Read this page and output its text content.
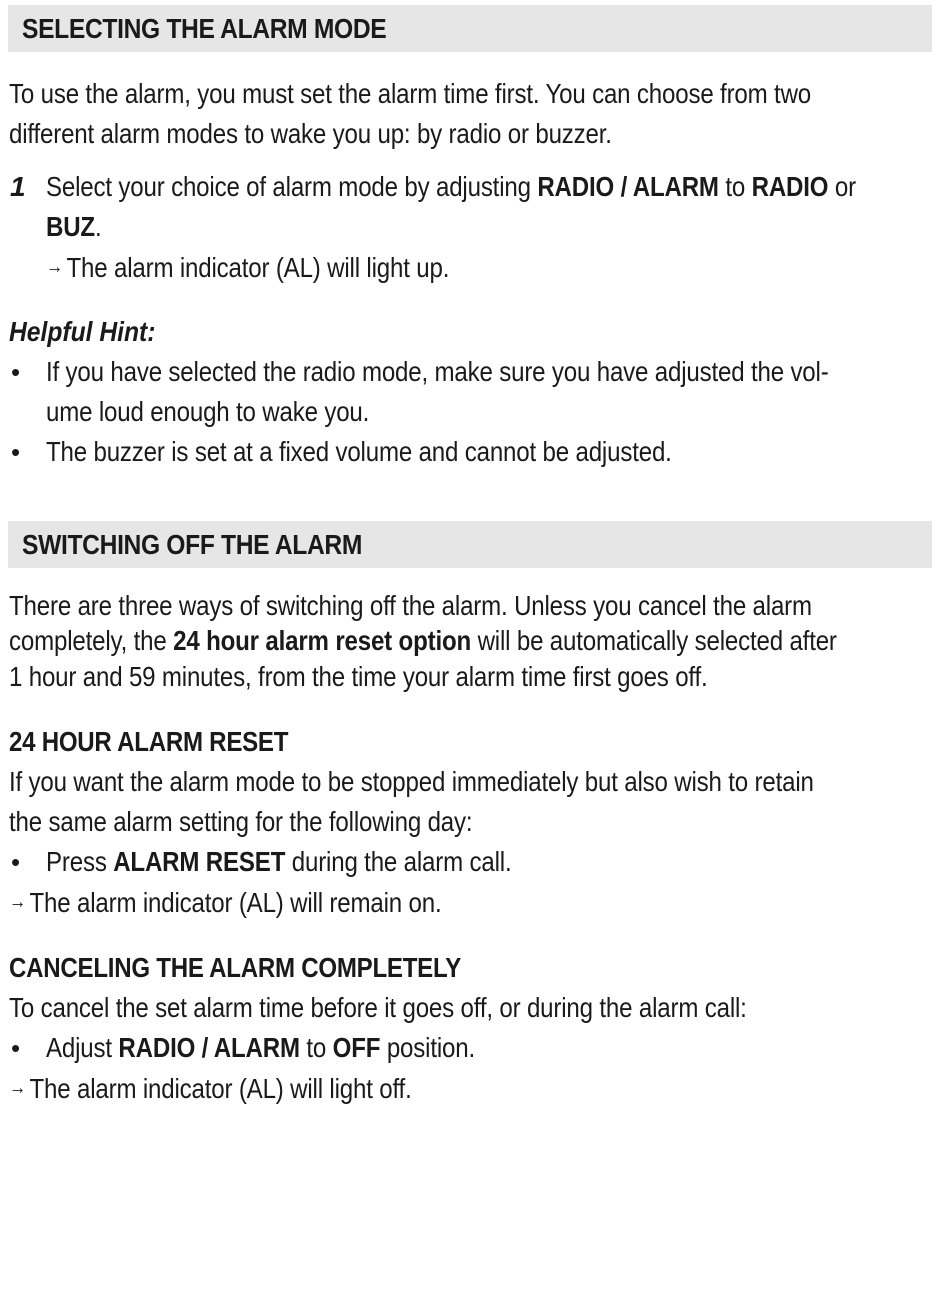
SELECTING THE ALARM MODE
To use the alarm, you must set the alarm time first. You can choose from two
different alarm modes to wake you up: by radio or buzzer.
1 Select your choice of alarm mode by adjusting RADIO / ALARM to RADIO or
BUZ.
→ The alarm indicator (AL) will light up.
Helpful Hint:
• If you have selected the radio mode, make sure you have adjusted the vol-
ume loud enough to wake you.
• The buzzer is set at a fixed volume and cannot be adjusted.
SWITCHING OFF THE ALARM
There are three ways of switching off the alarm. Unless you cancel the alarm
completely, the 24 hour alarm reset option will be automatically selected after
1 hour and 59 minutes, from the time your alarm time first goes off.
24 HOUR ALARM RESET
If you want the alarm mode to be stopped immediately but also wish to retain
the same alarm setting for the following day:
• Press ALARM RESET during the alarm call.
→ The alarm indicator (AL) will remain on.
CANCELING THE ALARM COMPLETELY
To cancel the set alarm time before it goes off, or during the alarm call:
• Adjust RADIO / ALARM to OFF position.
→ The alarm indicator (AL) will light off.
